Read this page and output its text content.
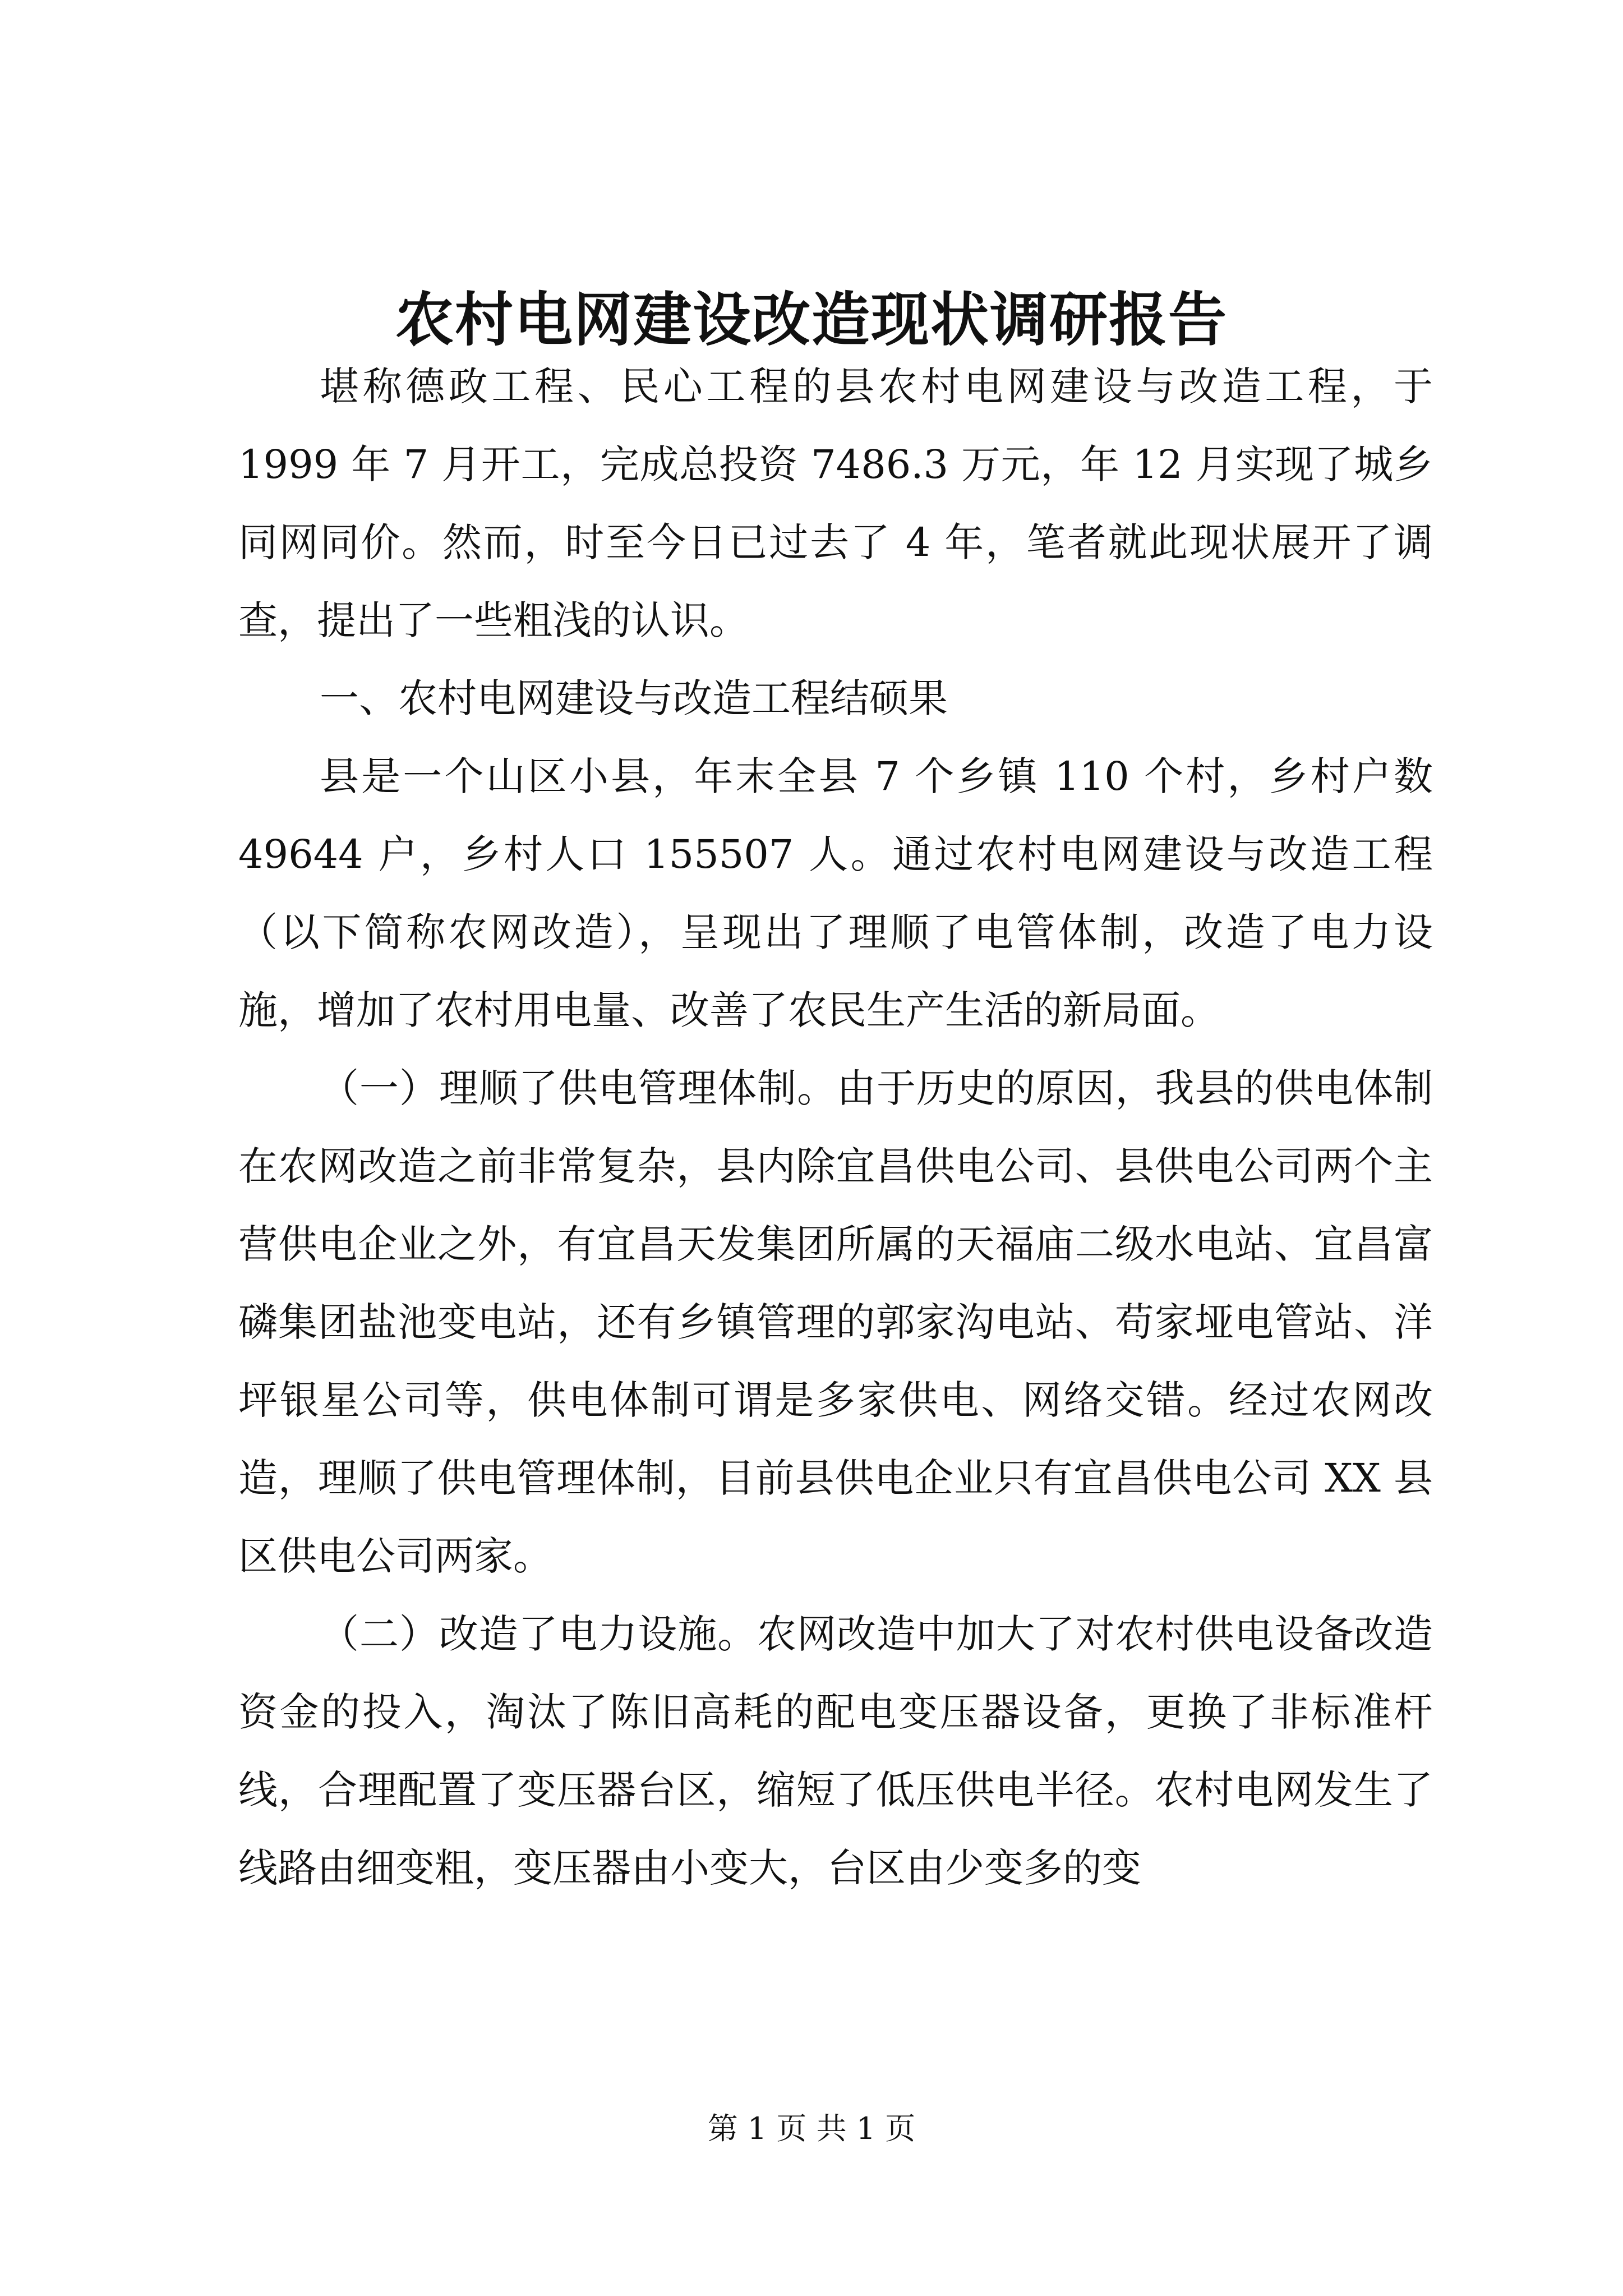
农村电网建设改造现状调研报告

堪称德政工程、民心工程的县农村电网建设与改造工程，于 1999 年 7 月开工，完成总投资 7486.3 万元，年 12 月实现了城乡同网同价。然而，时至今日已过去了 4 年，笔者就此现状展开了调查，提出了一些粗浅的认识。

一、农村电网建设与改造工程结硕果

县是一个山区小县，年末全县 7 个乡镇 110 个村，乡村户数 49644 户，乡村人口 155507 人。通过农村电网建设与改造工程（以下简称农网改造），呈现出了理顺了电管体制，改造了电力设施，增加了农村用电量、改善了农民生产生活的新局面。

（一）理顺了供电管理体制。由于历史的原因，我县的供电体制在农网改造之前非常复杂，县内除宜昌供电公司、县供电公司两个主营供电企业之外，有宜昌天发集团所属的天福庙二级水电站、宜昌富磷集团盐池变电站，还有乡镇管理的郭家沟电站、苟家垭电管站、洋坪银星公司等，供电体制可谓是多家供电、网络交错。经过农网改造，理顺了供电管理体制，目前县供电企业只有宜昌供电公司 XX 县区供电公司两家。

（二）改造了电力设施。农网改造中加大了对农村供电设备改造资金的投入，淘汰了陈旧高耗的配电变压器设备，更换了非标准杆线，合理配置了变压器台区，缩短了低压供电半径。农村电网发生了线路由细变粗，变压器由小变大，台区由少变多的变

第 1 页 共 1 页
